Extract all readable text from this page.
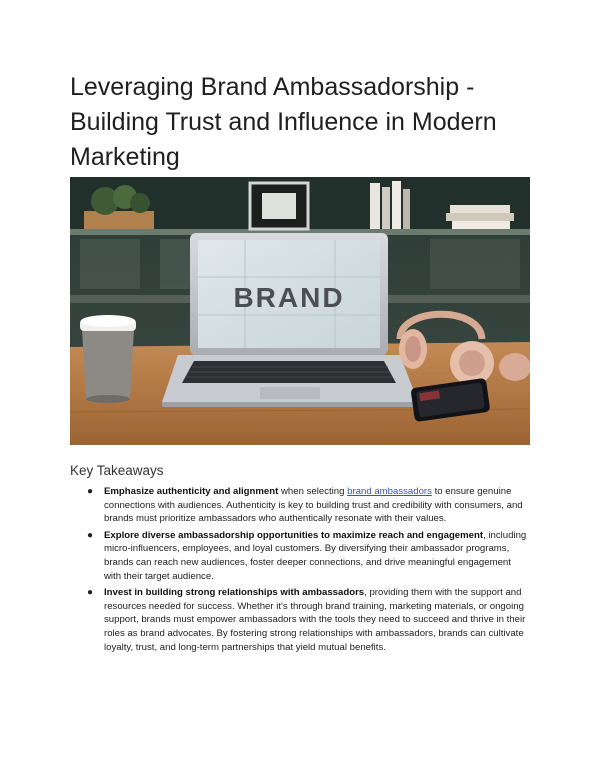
Leveraging Brand Ambassadorship - Building Trust and Influence in Modern Marketing
BRAND
Key Takeaways
● Emphasize authenticity and alignment when selecting brand ambassadors to ensure genuine connections with audiences. Authenticity is key to building trust and credibility with consumers, and brands must prioritize ambassadors who authentically resonate with their values.
● Explore diverse ambassadorship opportunities to maximize reach and engagement, including micro-influencers, employees, and loyal customers. By diversifying their ambassador programs, brands can reach new audiences, foster deeper connections, and drive meaningful engagement with their target audience.
● Invest in building strong relationships with ambassadors, providing them with the support and resources needed for success. Whether it's through brand training, marketing materials, or ongoing support, brands must empower ambassadors with the tools they need to succeed and thrive in their roles as brand advocates. By fostering strong relationships with ambassadors, brands can cultivate loyalty, trust, and long-term partnerships that yield mutual benefits.
